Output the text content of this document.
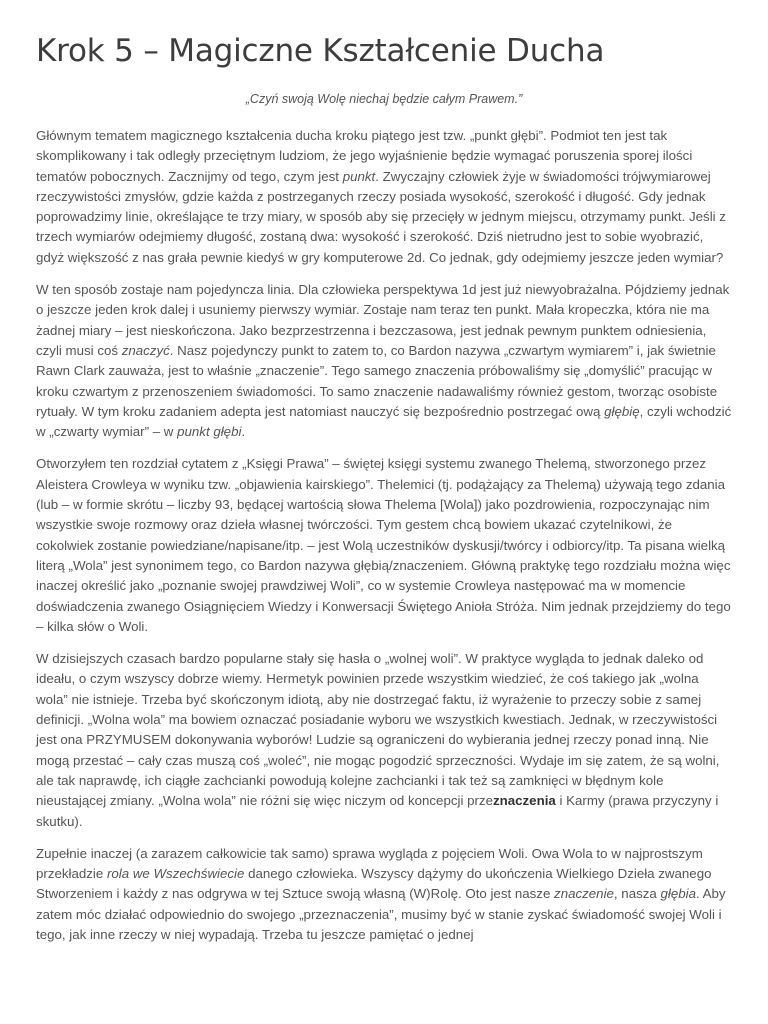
Krok 5 – Magiczne Kształcenie Ducha

„Czyń swoją Wolę niechaj będzie całym Prawem.”

Głównym tematem magicznego kształcenia ducha kroku piątego jest tzw. „punkt głębi”. Podmiot ten jest tak skomplikowany i tak odległy przeciętnym ludziom, że jego wyjaśnienie będzie wymagać poruszenia sporej ilości tematów pobocznych. Zacznijmy od tego, czym jest punkt. Zwyczajny człowiek żyje w świadomości trójwymiarowej rzeczywistości zmysłów, gdzie każda z postrzeganych rzeczy posiada wysokość, szerokość i długość. Gdy jednak poprowadzimy linie, określające te trzy miary, w sposób aby się przecięły w jednym miejscu, otrzymamy punkt. Jeśli z trzech wymiarów odejmiemy długość, zostaną dwa: wysokość i szerokość. Dziś nietrudno jest to sobie wyobrazić, gdyż większość z nas grała pewnie kiedyś w gry komputerowe 2d. Co jednak, gdy odejmiemy jeszcze jeden wymiar?

W ten sposób zostaje nam pojedyncza linia. Dla człowieka perspektywa 1d jest już niewyobrażalna. Pójdziemy jednak o jeszcze jeden krok dalej i usuniemy pierwszy wymiar. Zostaje nam teraz ten punkt. Mała kropeczka, która nie ma żadnej miary – jest nieskończona. Jako bezprzestrzenna i bezczasowa, jest jednak pewnym punktem odniesienia, czyli musi coś znaczyć. Nasz pojedynczy punkt to zatem to, co Bardon nazywa „czwartym wymiarem” i, jak świetnie Rawn Clark zauważa, jest to właśnie „znaczenie”. Tego samego znaczenia próbowaliśmy się „domyślić” pracując w kroku czwartym z przenoszeniem świadomości. To samo znaczenie nadawaliśmy również gestom, tworząc osobiste rytuały. W tym kroku zadaniem adepta jest natomiast nauczyć się bezpośrednio postrzegać ową głębię, czyli wchodzić w „czwarty wymiar” – w punkt głębi.

Otworzyłem ten rozdział cytatem z „Księgi Prawa” – świętej księgi systemu zwanego Thelemą, stworzonego przez Aleistera Crowleya w wyniku tzw. „objawienia kairskiego”. Thelemici (tj. podążający za Thelemą) używają tego zdania (lub – w formie skrótu – liczby 93, będącej wartością słowa Thelema [Wola]) jako pozdrowienia, rozpoczynając nim wszystkie swoje rozmowy oraz dzieła własnej twórczości. Tym gestem chcą bowiem ukazać czytelnikowi, że cokolwiek zostanie powiedziane/napisane/itp. – jest Wolą uczestników dyskusji/twórcy i odbiorcy/itp. Ta pisana wielką literą „Wola” jest synonimem tego, co Bardon nazywa głębią/znaczeniem. Główną praktykę tego rozdziału można więc inaczej określić jako „poznanie swojej prawdziwej Woli”, co w systemie Crowleya następować ma w momencie doświadczenia zwanego Osiągnięciem Wiedzy i Konwersacji Świętego Anioła Stróża. Nim jednak przejdziemy do tego – kilka słów o Woli.

W dzisiejszych czasach bardzo popularne stały się hasła o „wolnej woli”. W praktyce wygląda to jednak daleko od ideału, o czym wszyscy dobrze wiemy. Hermetyk powinien przede wszystkim wiedzieć, że coś takiego jak „wolna wola” nie istnieje. Trzeba być skończonym idiotą, aby nie dostrzegać faktu, iż wyrażenie to przeczy sobie z samej definicji. „Wolna wola” ma bowiem oznaczać posiadanie wyboru we wszystkich kwestiach. Jednak, w rzeczywistości jest ona PRZYMUSEM dokonywania wyborów! Ludzie są ograniczeni do wybierania jednej rzeczy ponad inną. Nie mogą przestać – cały czas muszą coś „woleć”, nie mogąc pogodzić sprzeczności. Wydaje im się zatem, że są wolni, ale tak naprawdę, ich ciągłe zachcianki powodują kolejne zachcianki i tak też są zamknięci w błędnym kole nieustającej zmiany. „Wolna wola” nie różni się więc niczym od koncepcji przeznaczenia i Karmy (prawa przyczyny i skutku).

Zupełnie inaczej (a zarazem całkowicie tak samo) sprawa wygląda z pojęciem Woli. Owa Wola to w najprostszym przekładzie rola we Wszechświecie danego człowieka. Wszyscy dążymy do ukończenia Wielkiego Dzieła zwanego Stworzeniem i każdy z nas odgrywa w tej Sztuce swoją własną (W)Rolę. Oto jest nasze znaczenie, nasza głębia. Aby zatem móc działać odpowiednio do swojego „przeznaczenia”, musimy być w stanie zyskać świadomość swojej Woli i tego, jak inne rzeczy w niej wypadają. Trzeba tu jeszcze pamiętać o jednej
